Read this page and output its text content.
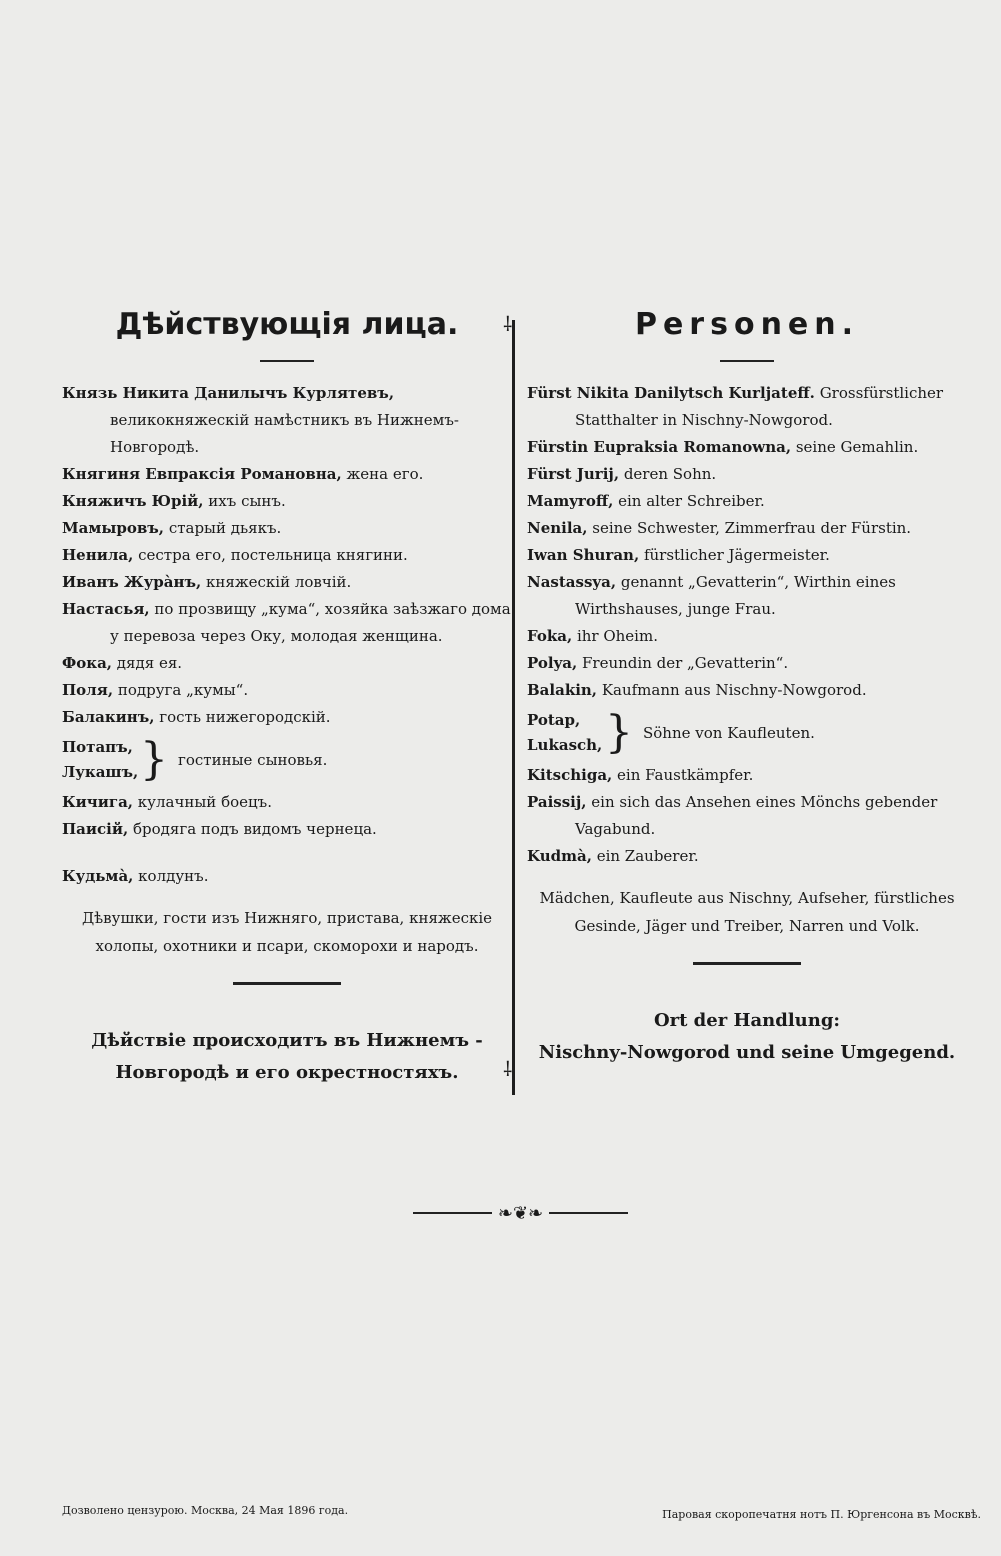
Дѣйствующія лица.
Князь Никита Данилычъ Курлятевъ, великокняжескій намѣстникъ въ Нижнемъ-Новгородѣ.
Княгиня Евпраксія Романовна, жена его.
Княжичъ Юрій, ихъ сынъ.
Мамыровъ, старый дьякъ.
Ненила, сестра его, постельница княгини.
Иванъ Журàнъ, княжескій ловчій.
Настасья, по прозвищу „кума“, хозяйка заѣзжаго дома у перевоза через Оку, молодая женщина.
Фока, дядя ея.
Поля, подруга „кумы“.
Балакинъ, гость нижегородскій.
Потапъ,
Лукашъ, } гостиные сыновья.
Кичига, кулачный боецъ.
Паисій, бродяга подъ видомъ чернеца.
Кудьмà, колдунъ.
Дѣвушки, гости изъ Нижняго, пристава, княжескіе холопы, охотники и псари, скоморохи и народъ.
Дѣйствіе происходитъ въ Нижнемъ - Новгородѣ и его окрестностяхъ.
⸸
⸸
Personen.
Fürst Nikita Danilytsch Kurljateff. Grossfürstlicher Statthalter in Nischny-Nowgorod.
Fürstin Eupraksia Romanowna, seine Gemahlin.
Fürst Jurij, deren Sohn.
Mamyroff, ein alter Schreiber.
Nenila, seine Schwester, Zimmerfrau der Fürstin.
Iwan Shuran, fürstlicher Jägermeister.
Nastassya, genannt „Gevatterin“, Wirthin eines Wirthshauses, junge Frau.
Foka, ihr Oheim.
Polya, Freundin der „Gevatterin“.
Balakin, Kaufmann aus Nischny-Nowgorod.
Potap,
Lukasch, } Söhne von Kaufleuten.
Kitschiga, ein Faustkämpfer.
Paissij, ein sich das Ansehen eines Mönchs gebender Vagabund.
Kudmà, ein Zauberer.
Mädchen, Kaufleute aus Nischny, Aufseher, fürstliches Gesinde, Jäger und Treiber, Narren und Volk.
Ort der Handlung:
Nischny-Nowgorod und seine Umgegend.
❧❦❧
Дозволено цензурою. Москва, 24 Мая 1896 года.	Паровая скоропечатня нотъ П. Юргенсона въ Москвѣ.
